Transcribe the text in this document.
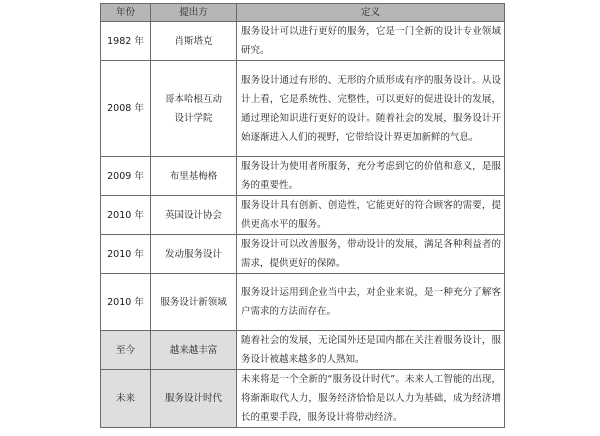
年份	提出方	定义
1982 年	肖斯塔克	服务设计可以进行更好的服务，它是一门全新的设计专业领域研究。
2008 年	哥本哈根互动设计学院	服务设计通过有形的、无形的介质形成有序的服务设计。从设计上看，它是系统性、完整性，可以更好的促进设计的发展，通过理论知识进行更好的设计。随着社会的发展，服务设计开始逐渐进入人们的视野，它带给设计界更加新鲜的气息。
2009 年	布里基梅格	服务设计为使用者所服务，充分考虑到它的价值和意义，是服务的重要性。
2010 年	英国设计协会	服务设计具有创新、创造性，它能更好的符合顾客的需要，提供更高水平的服务。
2010 年	发动服务设计	服务设计可以改善服务，带动设计的发展，满足各种利益者的需求，提供更好的保障。
2010 年	服务设计新领域	服务设计运用到企业当中去，对企业来说，是一种充分了解客户需求的方法而存在。
至今	越来越丰富	随着社会的发展，无论国外还是国内都在关注着服务设计，服务设计被越来越多的人熟知。
未来	服务设计时代	未来将是一个全新的“服务设计时代”。未来人工智能的出现，将渐渐取代人力，服务经济恰恰是以人力为基础，成为经济增长的重要手段，服务设计将带动经济。
